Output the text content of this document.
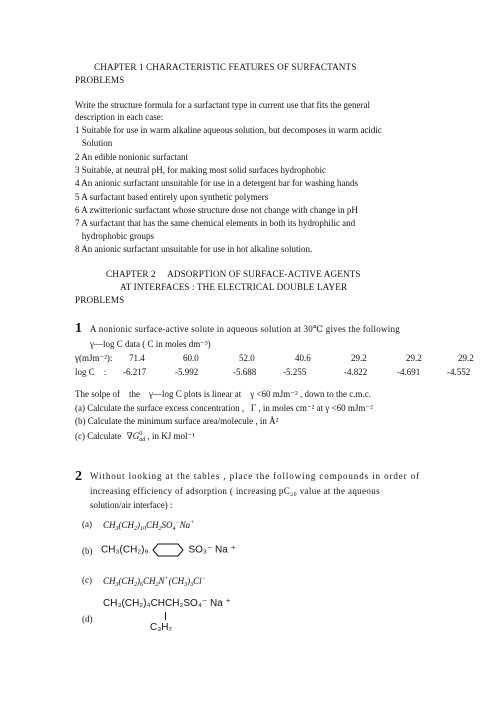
CHAPTER 1 CHARACTERISTIC FEATURES OF SURFACTANTS
PROBLEMS
Write the structure formula for a surfactant type in current use that fits the general
description in each case:
1 Suitable for use in warm alkaline aqueous solution, but decomposes in warm acidic
Solution
2 An edible nonionic surfactant
3 Suitable, at neutral pH, for making most solid surfaces hydrophobic
4 An anionic surfactant unsuitable for use in a detergent bar for washing hands
5 A surfactant based entirely upon synthetic polymers
6 A zwitterionic surfactant whose structure dose not change with change in pH
7 A surfactant that has the same chemical elements in both its hydrophilic and
hydrophobic groups
8 An anionic surfactant unsuitable for use in hot alkaline solution.
CHAPTER 2     ADSORPTION OF SURFACE-ACTIVE AGENTS
AT INTERFACES : THE ELECTRICAL DOUBLE LAYER
PROBLEMS
1 A nonionic surface-active solute in aqueous solution at 30℃ gives the following
γ—log C data ( C in moles dm⁻³)
γ(mJm⁻²): 71.4	60.0	52.0	40.6	29.2	29.2	29.2
log C    : -6.217	-5.992	-5.688	-5.255	-4.822	-4.691	-4.552
The solpe of    the    γ—log C plots is linear at    γ <60 mJm⁻² , down to the c.m.c.
(a) Calculate the surface excess concentration ,   Γ , in moles cm⁻² at γ <60 mJm⁻²
(b) Calculate the minimum surface area/molecule , in Å²
(c) Calculate ∇G 0
ad , in KJ mol⁻¹
2 Without looking at the tables , place the following compounds in order of
increasing efficiency of adsorption ( increasing pC₂₀ value at the aqueous
solution/air interface) :
(a) $CH_3(CH_2)_{10}CH_2SO_4^-Na^+$
(b) CH₃(CH₂)₉	SO₃⁻ Na ⁺
(c) $CH_3(CH_2)_6CH_2N^+(CH_3)_3Cl^-$
(d)
CH₃(CH₂)₄CHCH₂SO₄⁻ Na ⁺
C₃H₇
